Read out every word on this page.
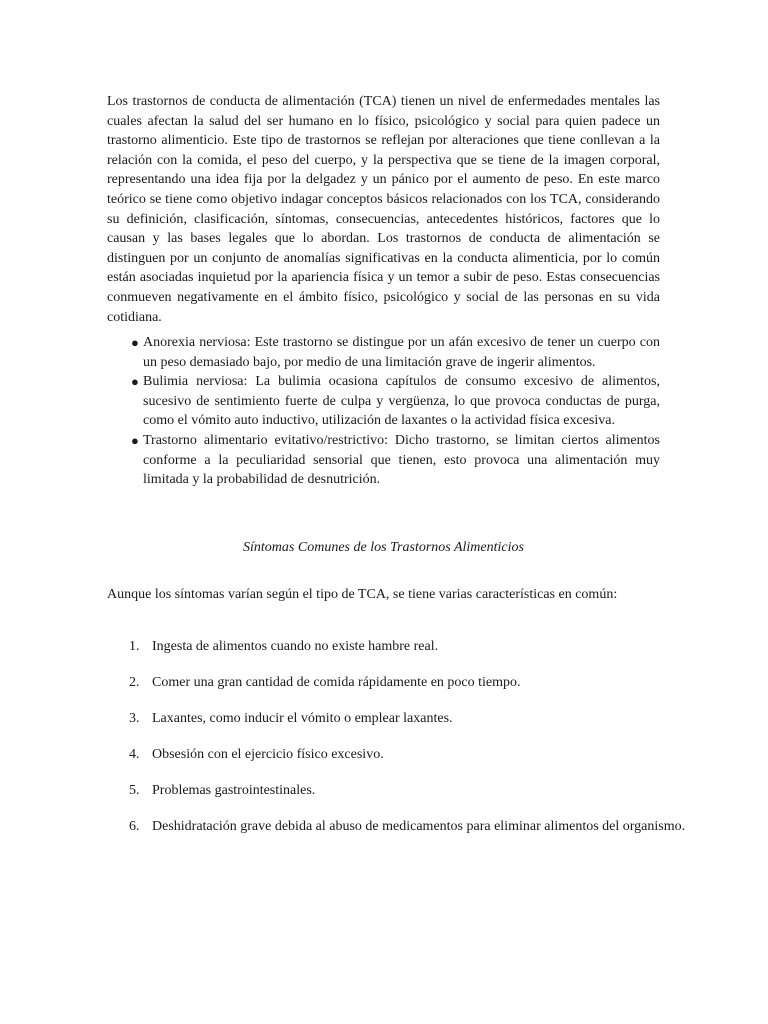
Los trastornos de conducta de alimentación (TCA) tienen un nivel de enfermedades mentales las cuales afectan la salud del ser humano en lo físico, psicológico y social para quien padece un trastorno alimenticio. Este tipo de trastornos se reflejan por alteraciones que tiene conllevan a la relación con la comida, el peso del cuerpo, y la perspectiva que se tiene de la imagen corporal, representando una idea fija por la delgadez y un pánico por el aumento de peso. En este marco teórico se tiene como objetivo indagar conceptos básicos relacionados con los TCA, considerando su definición, clasificación, síntomas, consecuencias, antecedentes históricos, factores que lo causan y las bases legales que lo abordan. Los trastornos de conducta de alimentación se distinguen por un conjunto de anomalías significativas en la conducta alimenticia, por lo común están asociadas inquietud por la apariencia física y un temor a subir de peso. Estas consecuencias conmueven negativamente en el ámbito físico, psicológico y social de las personas en su vida cotidiana.

● Anorexia nerviosa: Este trastorno se distingue por un afán excesivo de tener un cuerpo con un peso demasiado bajo, por medio de una limitación grave de ingerir alimentos.
● Bulimia nerviosa: La bulimia ocasiona capítulos de consumo excesivo de alimentos, sucesivo de sentimiento fuerte de culpa y vergüenza, lo que provoca conductas de purga, como el vómito auto inductivo, utilización de laxantes o la actividad física excesiva.
● Trastorno alimentario evitativo/restrictivo: Dicho trastorno, se limitan ciertos alimentos conforme a la peculiaridad sensorial que tienen, esto provoca una alimentación muy limitada y la probabilidad de desnutrición.
Síntomas Comunes de los Trastornos Alimenticios

Aunque los síntomas varían según el tipo de TCA, se tiene varias características en común:

1. Ingesta de alimentos cuando no existe hambre real.
2. Comer una gran cantidad de comida rápidamente en poco tiempo.
3. Laxantes, como inducir el vómito o emplear laxantes.
4. Obsesión con el ejercicio físico excesivo.
5. Problemas gastrointestinales.
6. Deshidratación grave debida al abuso de medicamentos para eliminar alimentos del organismo.
